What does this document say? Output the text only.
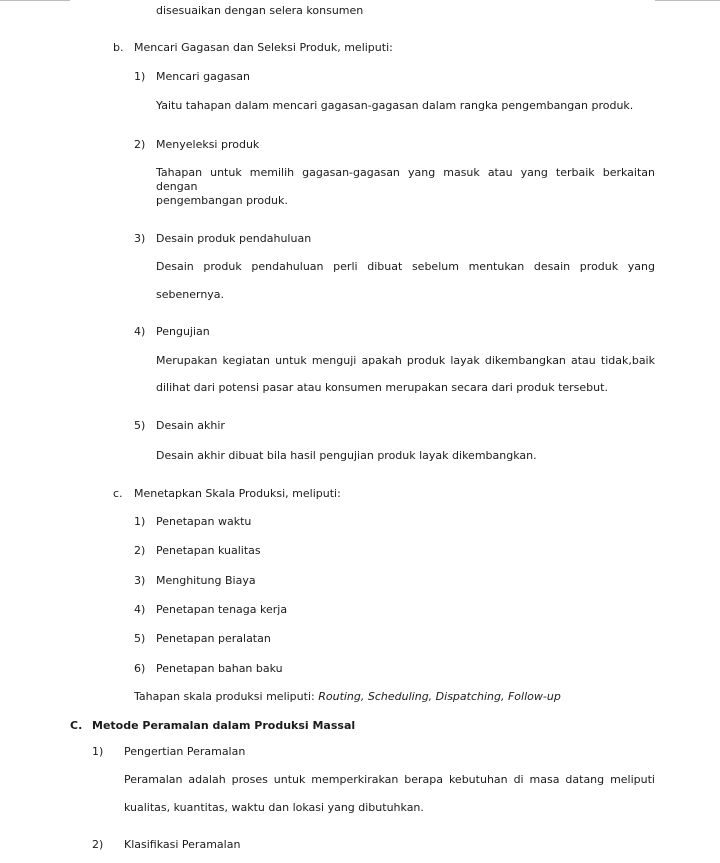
disesuaikan dengan selera konsumen
b. Mencari Gagasan dan Seleksi Produk, meliputi:
1) Mencari gagasan
Yaitu tahapan dalam mencari gagasan-gagasan dalam rangka pengembangan produk.
2) Menyeleksi produk
Tahapan untuk memilih gagasan-gagasan yang masuk atau yang terbaik berkaitan dengan
pengembangan produk.
3) Desain produk pendahuluan
Desain produk pendahuluan perli dibuat sebelum mentukan desain produk yang
sebenernya.
4) Pengujian
Merupakan kegiatan untuk menguji apakah produk layak dikembangkan atau tidak,baik
dilihat dari potensi pasar atau konsumen merupakan secara dari produk tersebut.
5) Desain akhir
Desain akhir dibuat bila hasil pengujian produk layak dikembangkan.
c. Menetapkan Skala Produksi, meliputi:
1) Penetapan waktu
2) Penetapan kualitas
3) Menghitung Biaya
4) Penetapan tenaga kerja
5) Penetapan peralatan
6) Penetapan bahan baku
Tahapan skala produksi meliputi: Routing, Scheduling, Dispatching, Follow-up
C. Metode Peramalan dalam Produksi Massal
1) Pengertian Peramalan
Peramalan adalah proses untuk memperkirakan berapa kebutuhan di masa datang meliputi
kualitas, kuantitas, waktu dan lokasi yang dibutuhkan.
2) Klasifikasi Peramalan
